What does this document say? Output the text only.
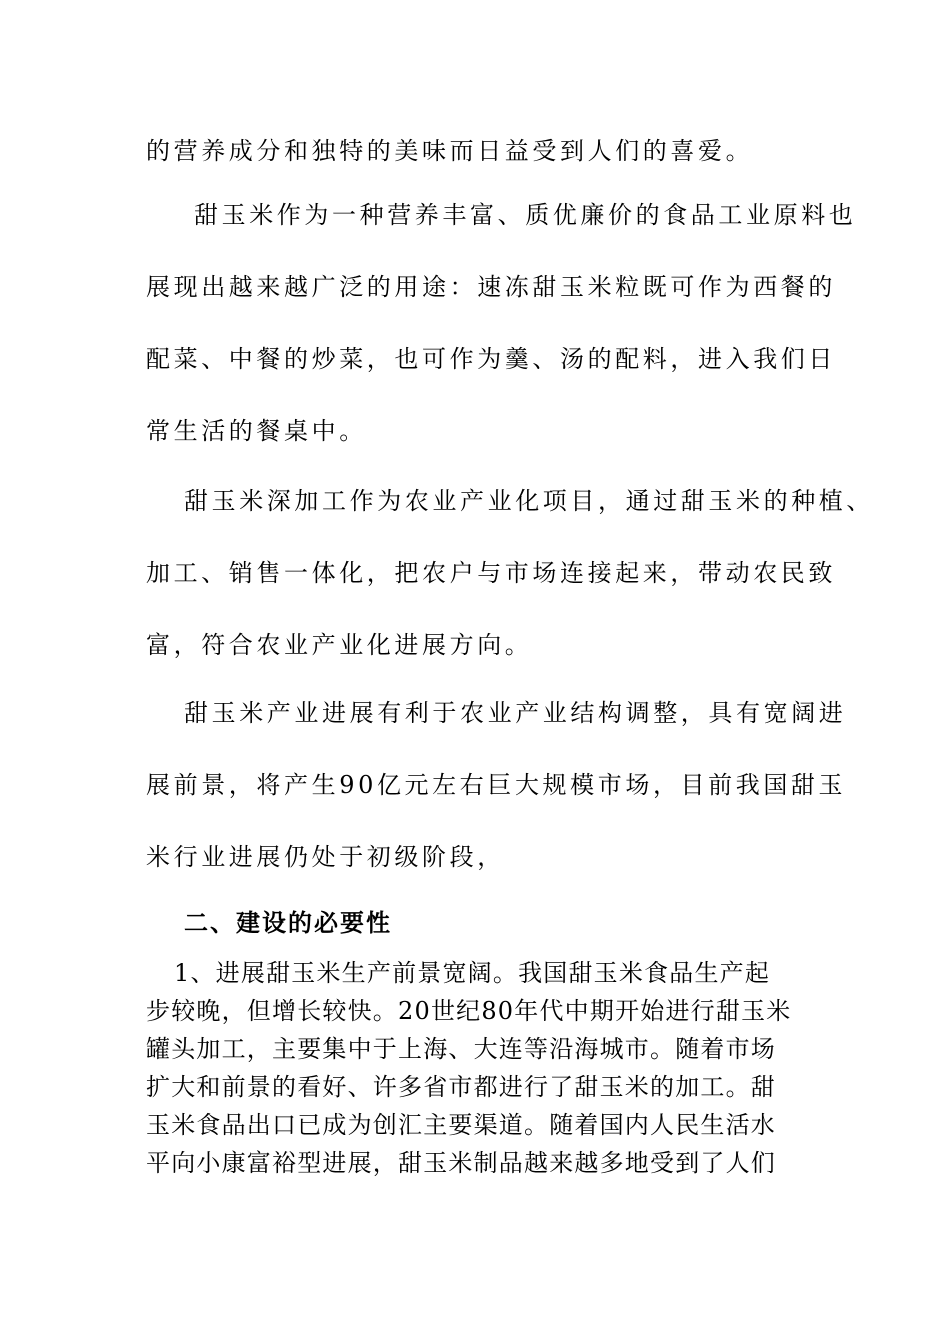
的营养成分和独特的美味而日益受到人们的喜爱。
甜玉米作为一种营养丰富、质优廉价的食品工业原料也
展现出越来越广泛的用途：速冻甜玉米粒既可作为西餐的
配菜、中餐的炒菜，也可作为羹、汤的配料，进入我们日
常生活的餐桌中。
甜玉米深加工作为农业产业化项目，通过甜玉米的种植、
加工、销售一体化，把农户与市场连接起来，带动农民致
富，符合农业产业化进展方向。
甜玉米产业进展有利于农业产业结构调整，具有宽阔进
展前景，将产生90亿元左右巨大规模市场，目前我国甜玉
米行业进展仍处于初级阶段，
二、建设的必要性
1、进展甜玉米生产前景宽阔。我国甜玉米食品生产起
步较晚，但增长较快。20世纪80年代中期开始进行甜玉米
罐头加工，主要集中于上海、大连等沿海城市。随着市场
扩大和前景的看好、许多省市都进行了甜玉米的加工。甜
玉米食品出口已成为创汇主要渠道。随着国内人民生活水
平向小康富裕型进展，甜玉米制品越来越多地受到了人们
